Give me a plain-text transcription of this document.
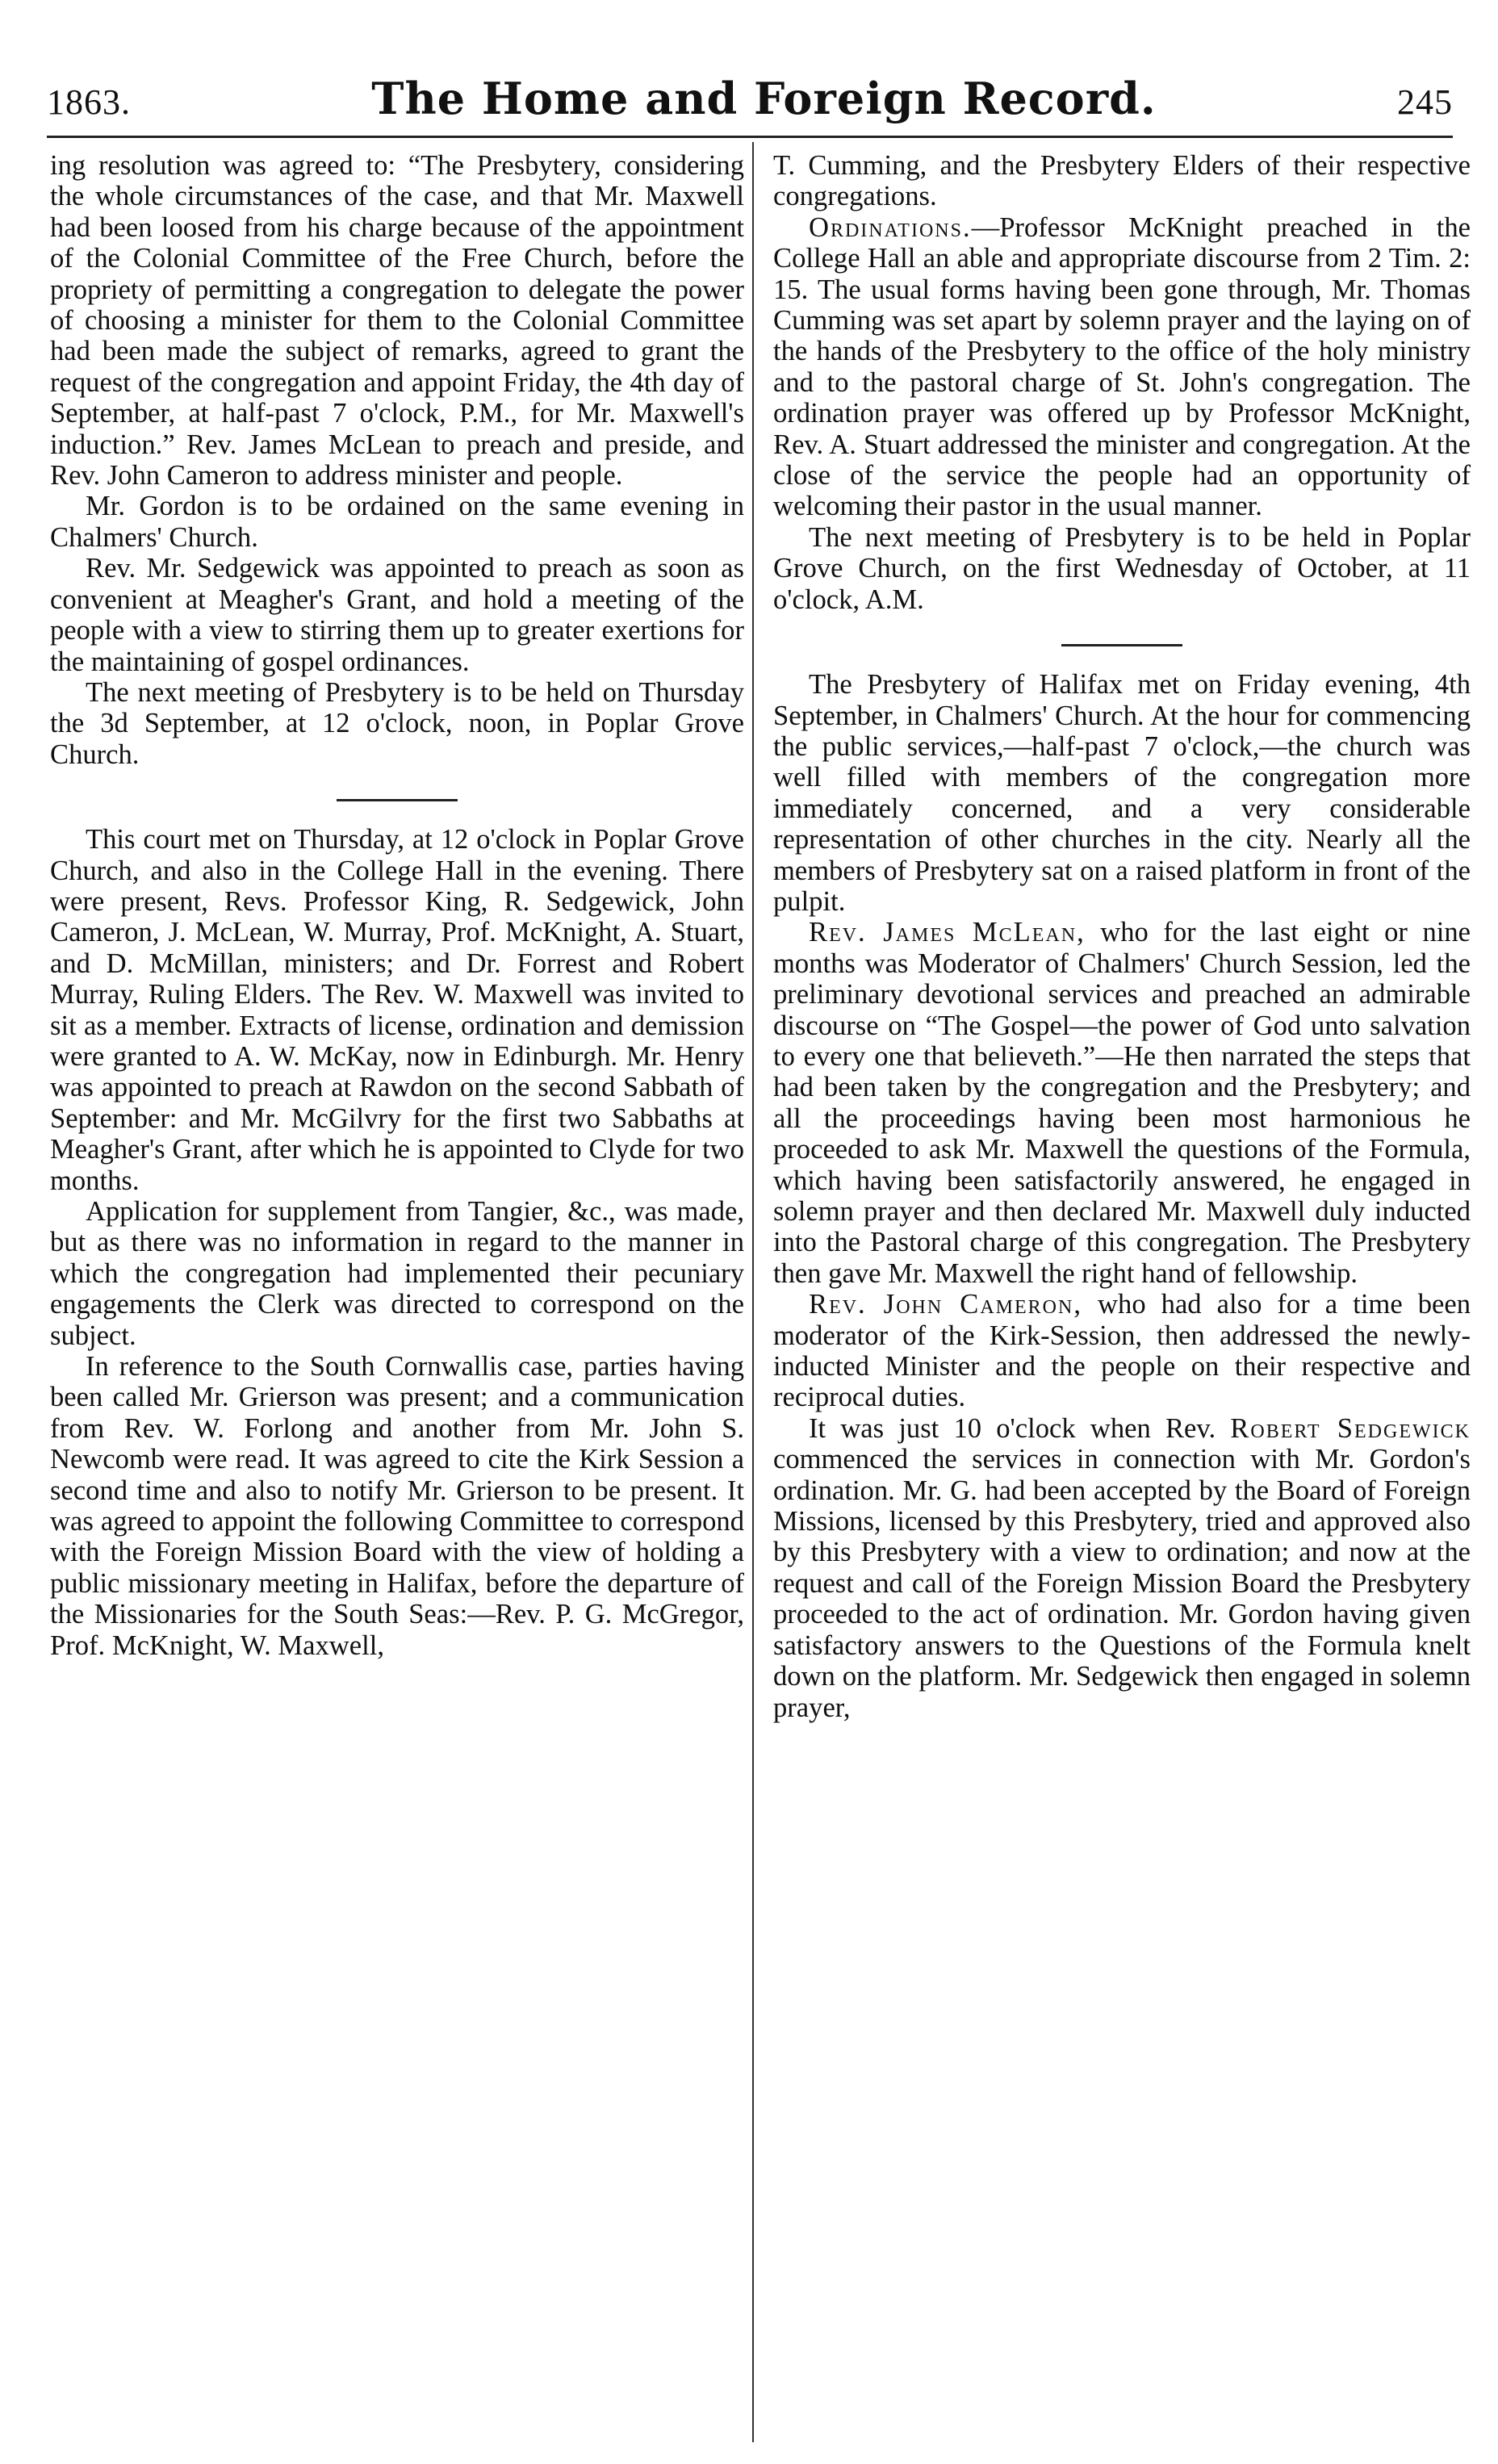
1863.	The Home and Foreign Record.	245

ing resolution was agreed to: “The Presbytery, considering the whole circumstances of the case, and that Mr. Maxwell had been loosed from his charge because of the appointment of the Colonial Committee of the Free Church, before the propriety of permitting a congregation to delegate the power of choosing a minister for them to the Colonial Committee had been made the subject of remarks, agreed to grant the request of the congregation and appoint Friday, the 4th day of September, at half-past 7 o'clock, P.M., for Mr. Maxwell's induction.” Rev. James McLean to preach and preside, and Rev. John Cameron to address minister and people.

Mr. Gordon is to be ordained on the same evening in Chalmers' Church.

Rev. Mr. Sedgewick was appointed to preach as soon as convenient at Meagher's Grant, and hold a meeting of the people with a view to stirring them up to greater exertions for the maintaining of gospel ordinances.

The next meeting of Presbytery is to be held on Thursday the 3d September, at 12 o'clock, noon, in Poplar Grove Church.

This court met on Thursday, at 12 o'clock in Poplar Grove Church, and also in the College Hall in the evening. There were present, Revs. Professor King, R. Sedgewick, John Cameron, J. McLean, W. Murray, Prof. McKnight, A. Stuart, and D. McMillan, ministers; and Dr. Forrest and Robert Murray, Ruling Elders. The Rev. W. Maxwell was invited to sit as a member. Extracts of license, ordination and demission were granted to A. W. McKay, now in Edinburgh. Mr. Henry was appointed to preach at Rawdon on the second Sabbath of September: and Mr. McGilvry for the first two Sabbaths at Meagher's Grant, after which he is appointed to Clyde for two months.

Application for supplement from Tangier, &c., was made, but as there was no information in regard to the manner in which the congregation had implemented their pecuniary engagements the Clerk was directed to correspond on the subject.

In reference to the South Cornwallis case, parties having been called Mr. Grierson was present; and a communication from Rev. W. Forlong and another from Mr. John S. Newcomb were read. It was agreed to cite the Kirk Session a second time and also to notify Mr. Grierson to be present. It was agreed to appoint the following Committee to correspond with the Foreign Mission Board with the view of holding a public missionary meeting in Halifax, before the departure of the Missionaries for the South Seas:—Rev. P. G. McGregor, Prof. McKnight, W. Maxwell,

T. Cumming, and the Presbytery Elders of their respective congregations.

Ordinations.—Professor McKnight preached in the College Hall an able and appropriate discourse from 2 Tim. 2: 15. The usual forms having been gone through, Mr. Thomas Cumming was set apart by solemn prayer and the laying on of the hands of the Presbytery to the office of the holy ministry and to the pastoral charge of St. John's congregation. The ordination prayer was offered up by Professor McKnight, Rev. A. Stuart addressed the minister and congregation. At the close of the service the people had an opportunity of welcoming their pastor in the usual manner.

The next meeting of Presbytery is to be held in Poplar Grove Church, on the first Wednesday of October, at 11 o'clock, A.M.

The Presbytery of Halifax met on Friday evening, 4th September, in Chalmers' Church. At the hour for commencing the public services,—half-past 7 o'clock,—the church was well filled with members of the congregation more immediately concerned, and a very considerable representation of other churches in the city. Nearly all the members of Presbytery sat on a raised platform in front of the pulpit.

Rev. James McLean, who for the last eight or nine months was Moderator of Chalmers' Church Session, led the preliminary devotional services and preached an admirable discourse on “The Gospel—the power of God unto salvation to every one that believeth.”—He then narrated the steps that had been taken by the congregation and the Presbytery; and all the proceedings having been most harmonious he proceeded to ask Mr. Maxwell the questions of the Formula, which having been satisfactorily answered, he engaged in solemn prayer and then declared Mr. Maxwell duly inducted into the Pastoral charge of this congregation. The Presbytery then gave Mr. Maxwell the right hand of fellowship.

Rev. John Cameron, who had also for a time been moderator of the Kirk-Session, then addressed the newly-inducted Minister and the people on their respective and reciprocal duties.

It was just 10 o'clock when Rev. Robert Sedgewick commenced the services in connection with Mr. Gordon's ordination. Mr. G. had been accepted by the Board of Foreign Missions, licensed by this Presbytery, tried and approved also by this Presbytery with a view to ordination; and now at the request and call of the Foreign Mission Board the Presbytery proceeded to the act of ordination. Mr. Gordon having given satisfactory answers to the Questions of the Formula knelt down on the platform. Mr. Sedgewick then engaged in solemn prayer,
